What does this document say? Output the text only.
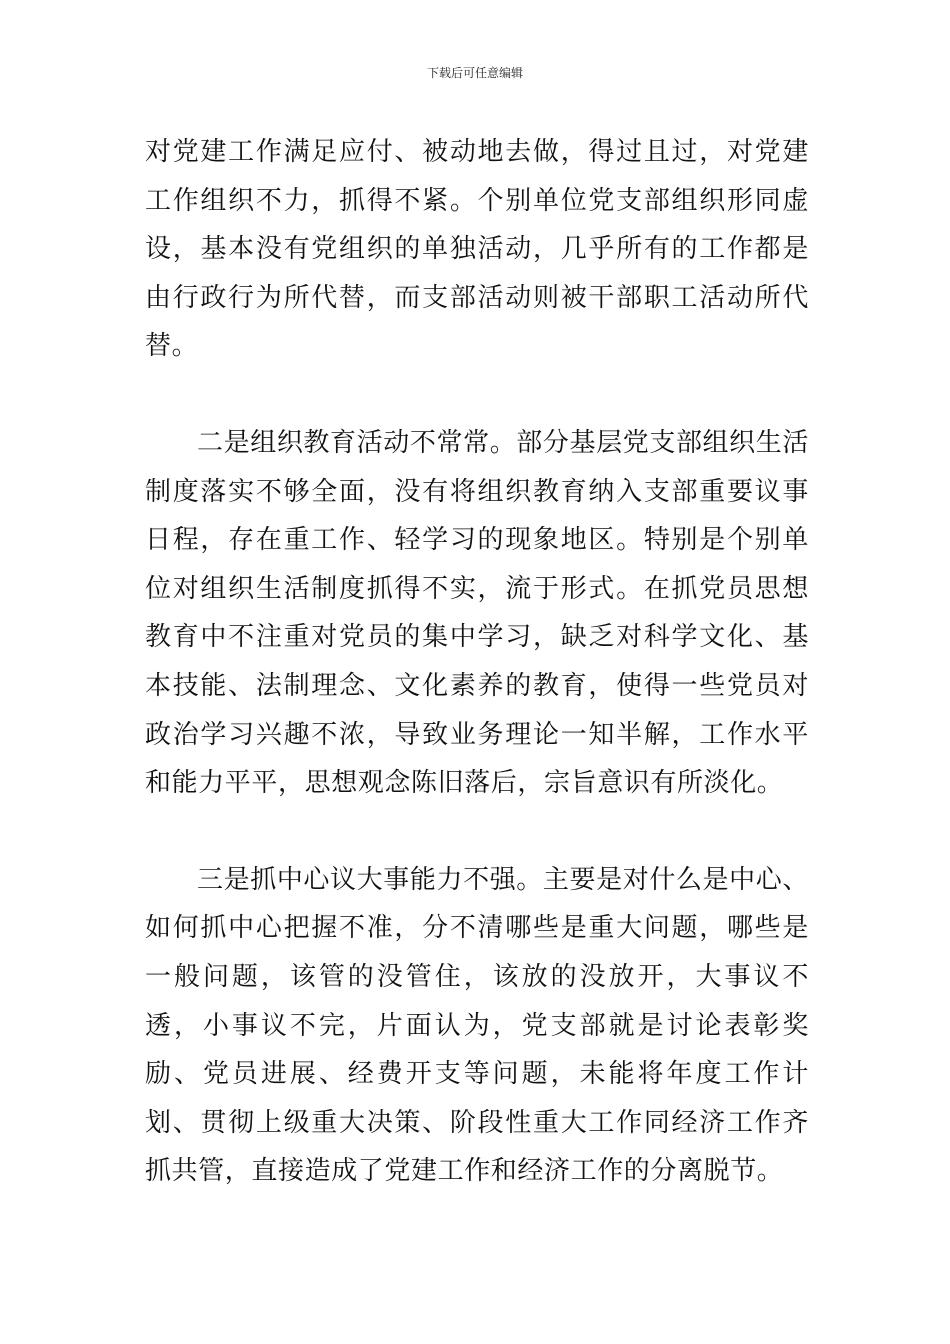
下载后可任意编辑

对党建工作满足应付、被动地去做，得过且过，对党建工作组织不力，抓得不紧。个别单位党支部组织形同虚设，基本没有党组织的单独活动，几乎所有的工作都是由行政行为所代替，而支部活动则被干部职工活动所代替。

二是组织教育活动不常常。部分基层党支部组织生活制度落实不够全面，没有将组织教育纳入支部重要议事日程，存在重工作、轻学习的现象地区。特别是个别单位对组织生活制度抓得不实，流于形式。在抓党员思想教育中不注重对党员的集中学习，缺乏对科学文化、基本技能、法制理念、文化素养的教育，使得一些党员对政治学习兴趣不浓，导致业务理论一知半解，工作水平和能力平平，思想观念陈旧落后，宗旨意识有所淡化。

三是抓中心议大事能力不强。主要是对什么是中心、如何抓中心把握不准，分不清哪些是重大问题，哪些是一般问题，该管的没管住，该放的没放开，大事议不透，小事议不完，片面认为，党支部就是讨论表彰奖励、党员进展、经费开支等问题，未能将年度工作计划、贯彻上级重大决策、阶段性重大工作同经济工作齐抓共管，直接造成了党建工作和经济工作的分离脱节。
